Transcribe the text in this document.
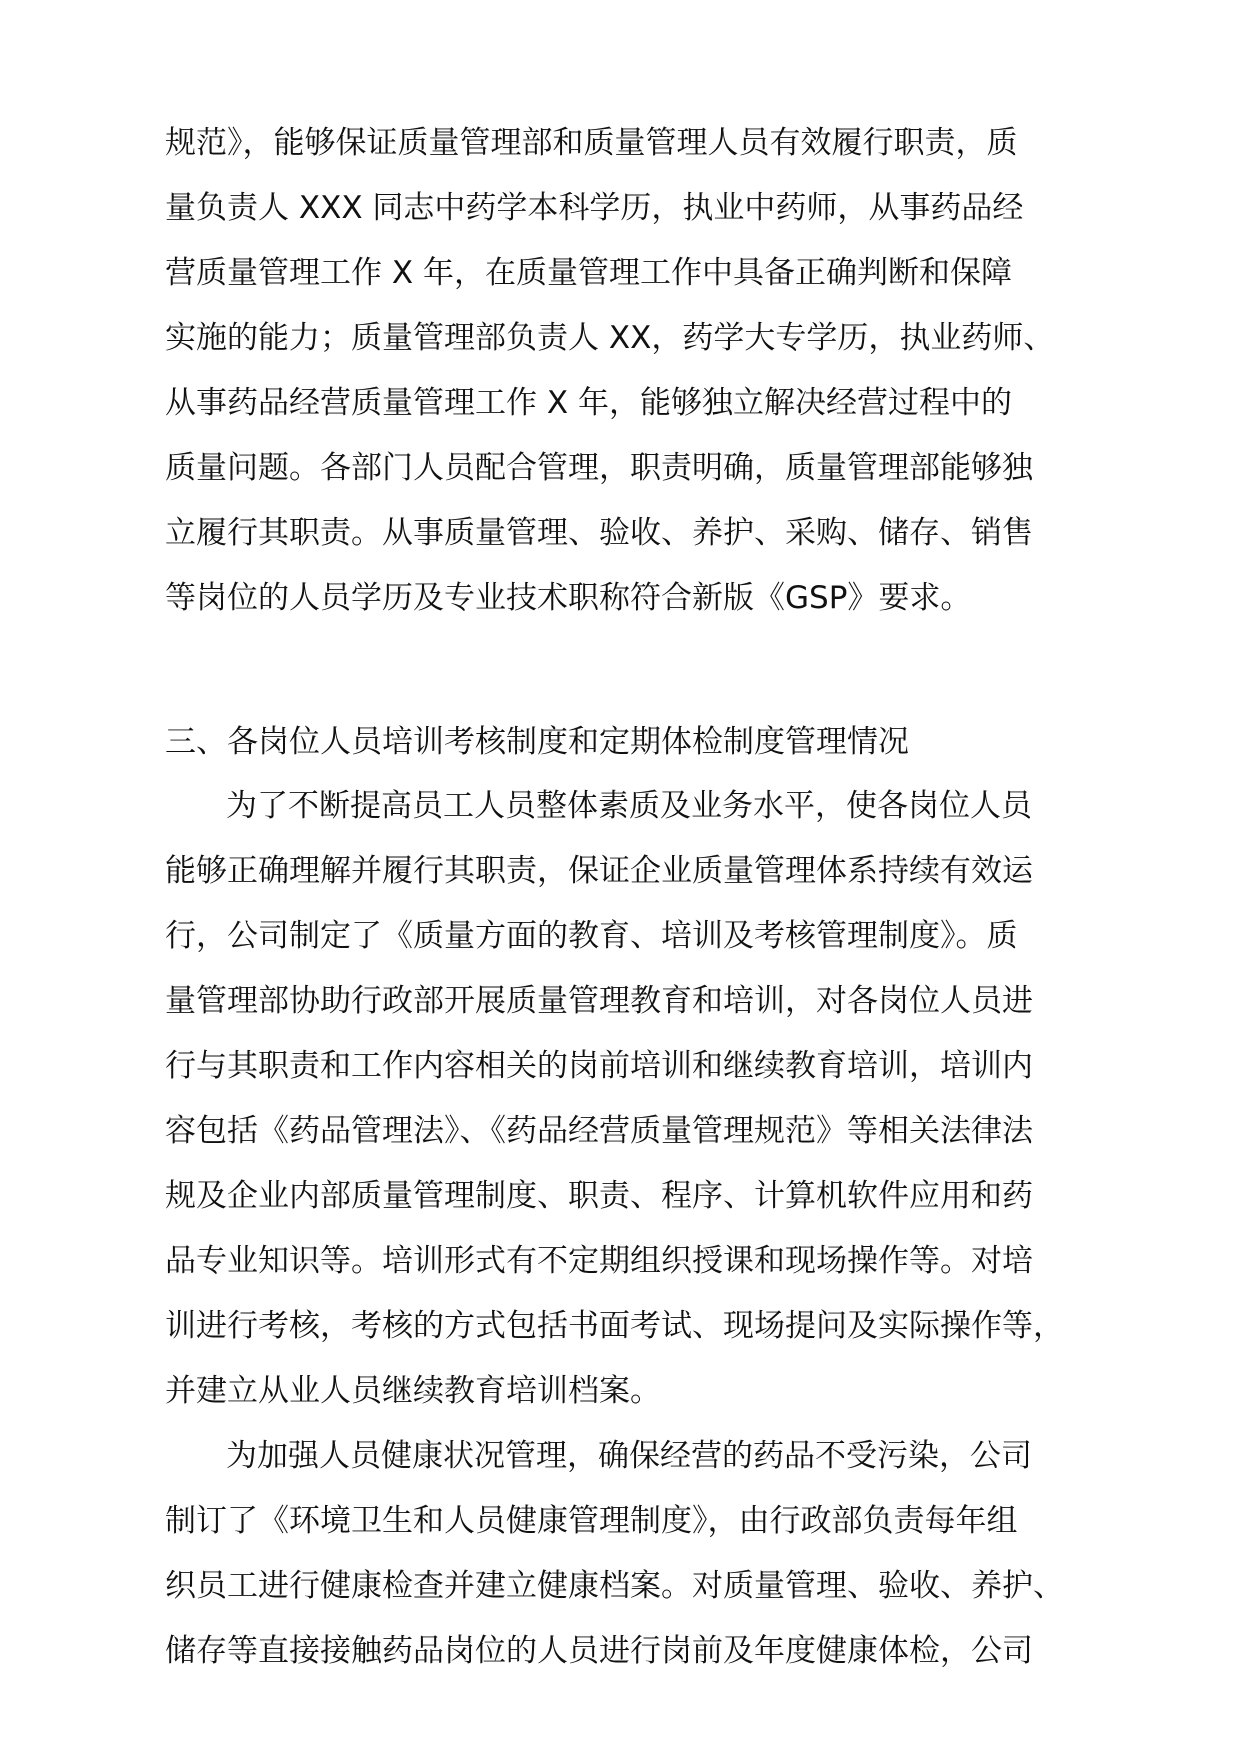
规范》，能够保证质量管理部和质量管理人员有效履行职责，质
量负责人 XXX 同志中药学本科学历，执业中药师，从事药品经
营质量管理工作 X 年，在质量管理工作中具备正确判断和保障
实施的能力；质量管理部负责人 XX，药学大专学历，执业药师、
从事药品经营质量管理工作 X 年，能够独立解决经营过程中的
质量问题。各部门人员配合管理，职责明确，质量管理部能够独
立履行其职责。从事质量管理、验收、养护、采购、储存、销售
等岗位的人员学历及专业技术职称符合新版《GSP》要求。
三、各岗位人员培训考核制度和定期体检制度管理情况
为了不断提高员工人员整体素质及业务水平，使各岗位人员
能够正确理解并履行其职责，保证企业质量管理体系持续有效运
行，公司制定了《质量方面的教育、培训及考核管理制度》。质
量管理部协助行政部开展质量管理教育和培训，对各岗位人员进
行与其职责和工作内容相关的岗前培训和继续教育培训，培训内
容包括《药品管理法》、《药品经营质量管理规范》等相关法律法
规及企业内部质量管理制度、职责、程序、计算机软件应用和药
品专业知识等。培训形式有不定期组织授课和现场操作等。对培
训进行考核，考核的方式包括书面考试、现场提问及实际操作等，
并建立从业人员继续教育培训档案。
为加强人员健康状况管理，确保经营的药品不受污染，公司
制订了《环境卫生和人员健康管理制度》，由行政部负责每年组
织员工进行健康检查并建立健康档案。对质量管理、验收、养护、
储存等直接接触药品岗位的人员进行岗前及年度健康体检，公司
